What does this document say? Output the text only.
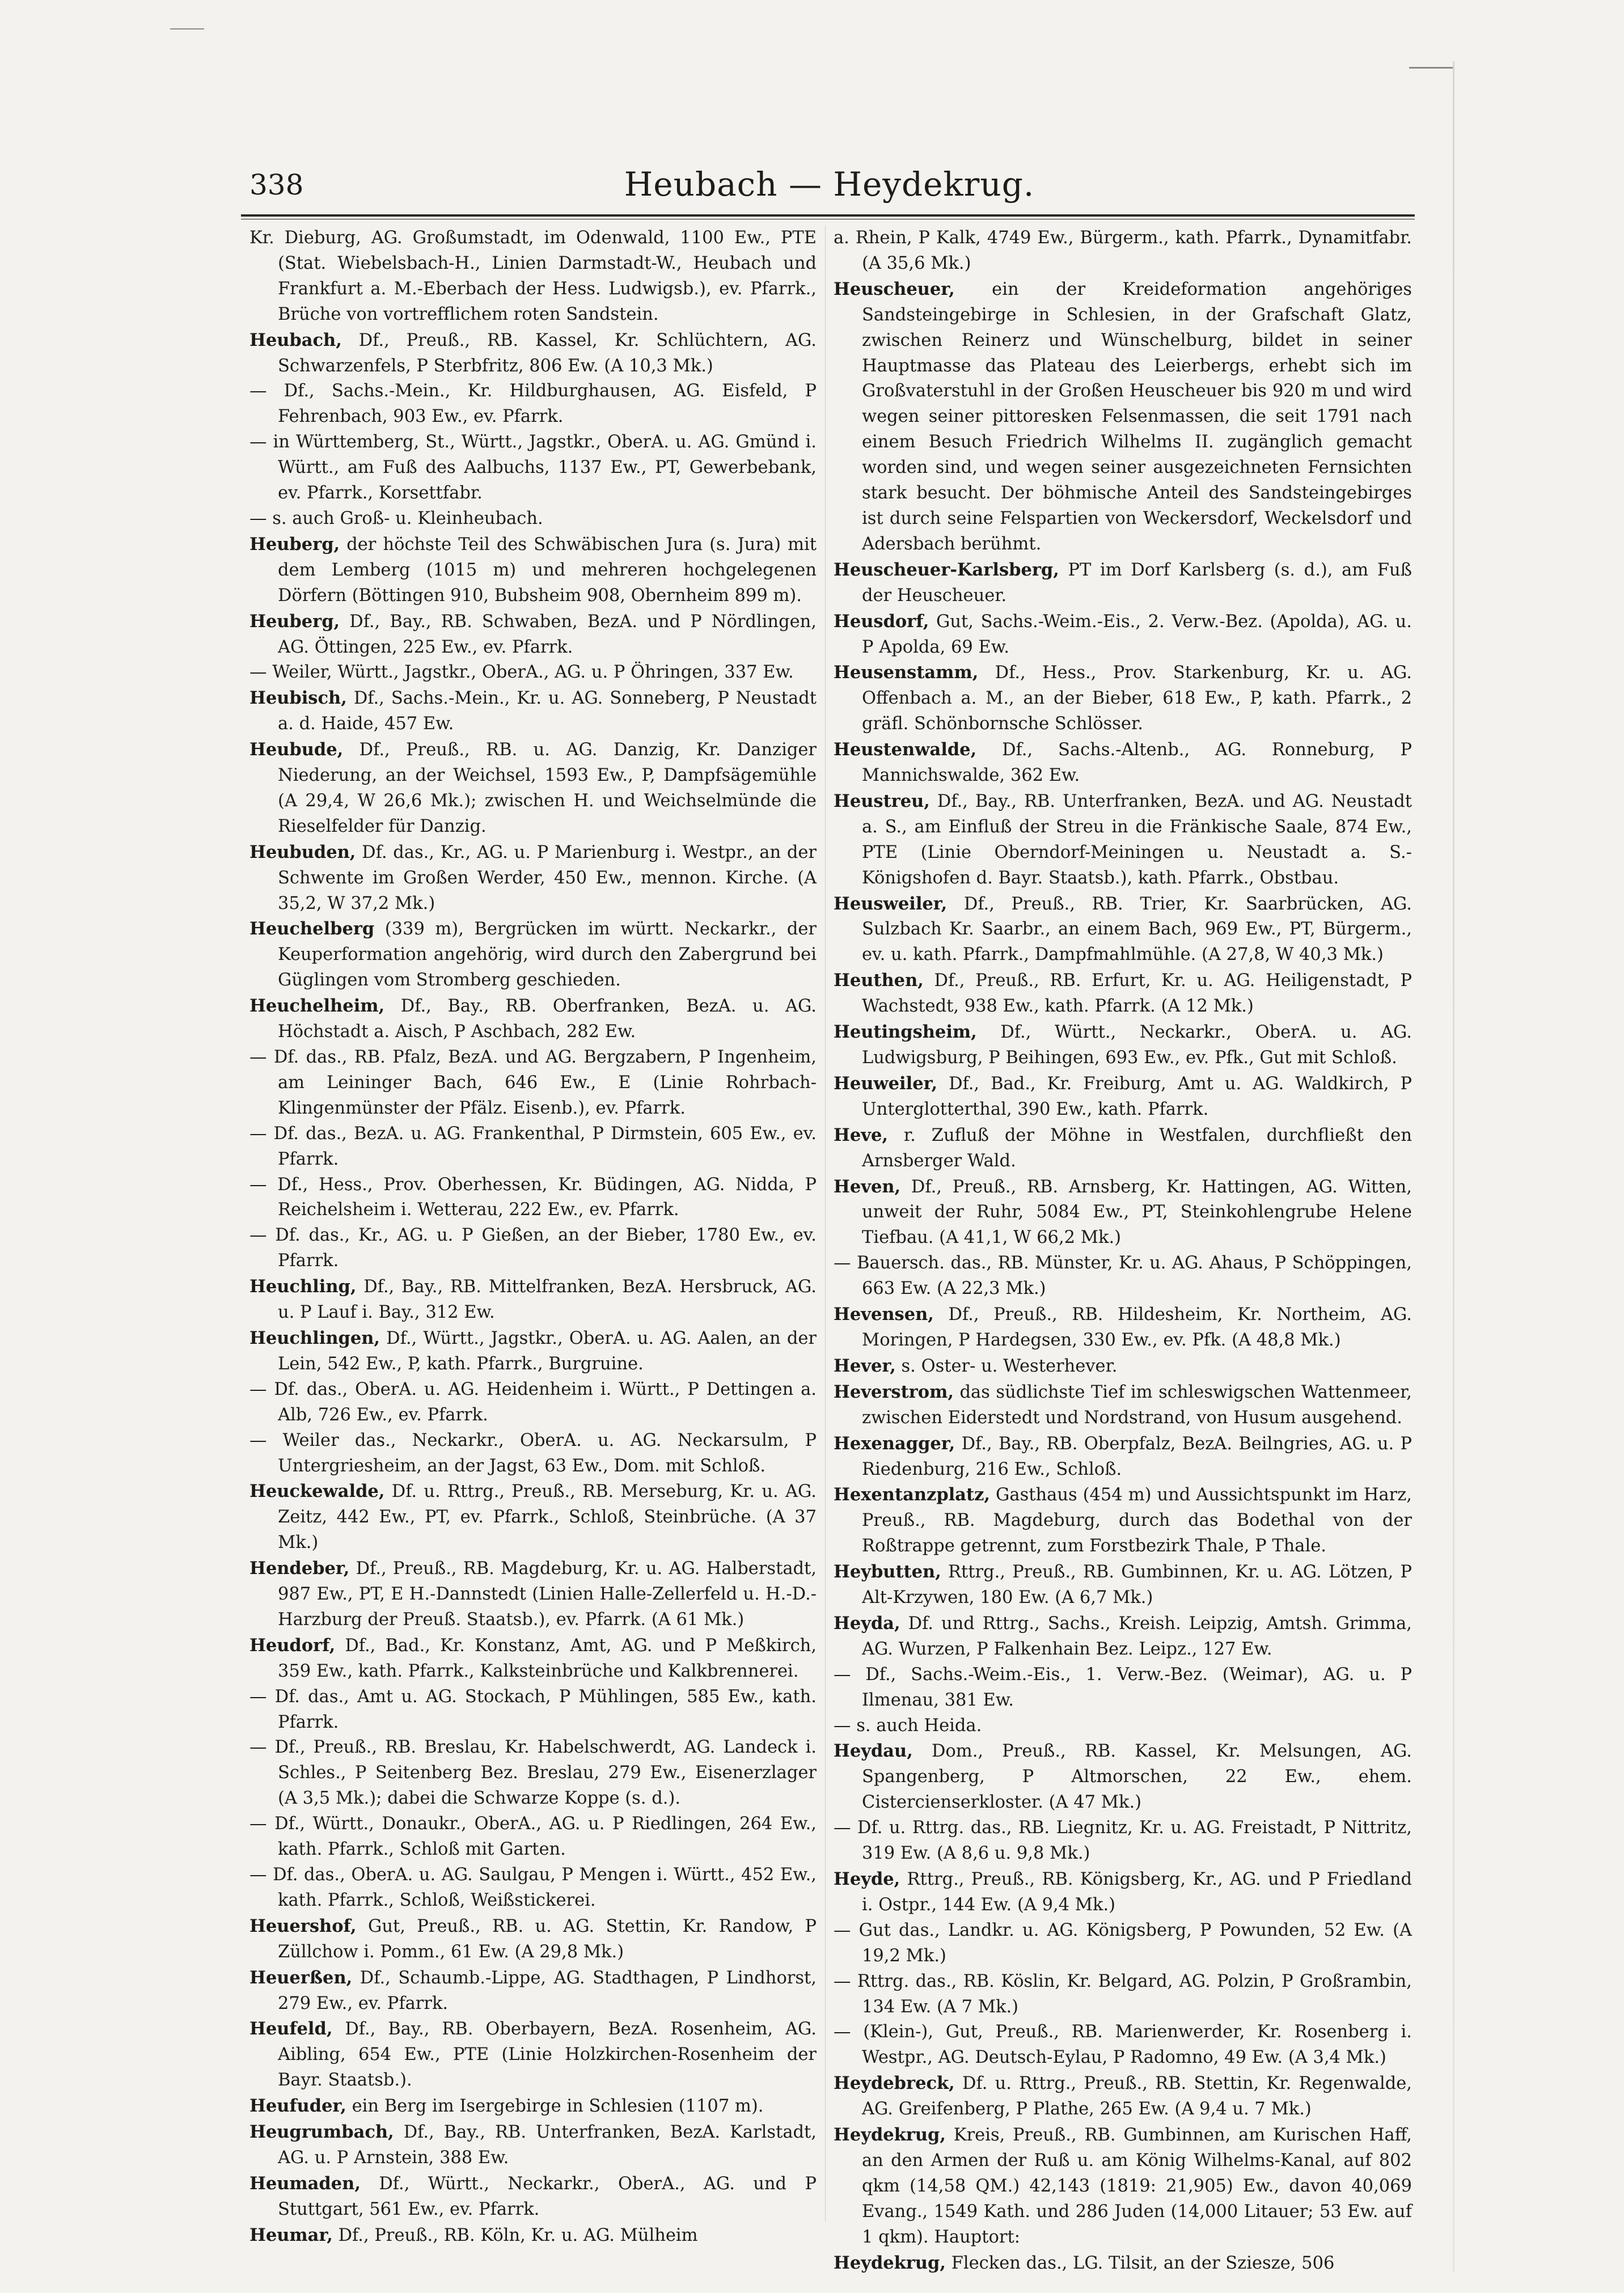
338	Heubach — Heydekrug.

Kr. Dieburg, AG. Großumstadt, im Odenwald, 1100 Ew., PTE (Stat. Wiebelsbach-H., Linien Darmstadt-W., Heubach und Frankfurt a. M.-Eberbach der Hess. Ludwigsb.), ev. Pfarrk., Brüche von vortrefflichem roten Sandstein.

Heubach, Df., Preuß., RB. Kassel, Kr. Schlüchtern, AG. Schwarzenfels, P Sterbfritz, 806 Ew. (A 10,3 Mk.)

— Df., Sachs.-Mein., Kr. Hildburghausen, AG. Eisfeld, P Fehrenbach, 903 Ew., ev. Pfarrk.

— in Württemberg, St., Württ., Jagstkr., OberA. u. AG. Gmünd i. Württ., am Fuß des Aalbuchs, 1137 Ew., PT, Gewerbebank, ev. Pfarrk., Korsettfabr.

— s. auch Groß- u. Kleinheubach.

Heuberg, der höchste Teil des Schwäbischen Jura (s. Jura) mit dem Lemberg (1015 m) und mehreren hochgelegenen Dörfern (Böttingen 910, Bubsheim 908, Obernheim 899 m).

Heuberg, Df., Bay., RB. Schwaben, BezA. und P Nördlingen, AG. Öttingen, 225 Ew., ev. Pfarrk.

— Weiler, Württ., Jagstkr., OberA., AG. u. P Öhringen, 337 Ew.

Heubisch, Df., Sachs.-Mein., Kr. u. AG. Sonneberg, P Neustadt a. d. Haide, 457 Ew.

Heubude, Df., Preuß., RB. u. AG. Danzig, Kr. Danziger Niederung, an der Weichsel, 1593 Ew., P, Dampfsägemühle (A 29,4, W 26,6 Mk.); zwischen H. und Weichselmünde die Rieselfelder für Danzig.

Heubuden, Df. das., Kr., AG. u. P Marienburg i. Westpr., an der Schwente im Großen Werder, 450 Ew., mennon. Kirche. (A 35,2, W 37,2 Mk.)

Heuchelberg (339 m), Bergrücken im württ. Neckarkr., der Keuperformation angehörig, wird durch den Zabergrund bei Güglingen vom Stromberg geschieden.

Heuchelheim, Df., Bay., RB. Oberfranken, BezA. u. AG. Höchstadt a. Aisch, P Aschbach, 282 Ew.

— Df. das., RB. Pfalz, BezA. und AG. Bergzabern, P Ingenheim, am Leininger Bach, 646 Ew., E (Linie Rohrbach-Klingenmünster der Pfälz. Eisenb.), ev. Pfarrk.

— Df. das., BezA. u. AG. Frankenthal, P Dirmstein, 605 Ew., ev. Pfarrk.

— Df., Hess., Prov. Oberhessen, Kr. Büdingen, AG. Nidda, P Reichelsheim i. Wetterau, 222 Ew., ev. Pfarrk.

— Df. das., Kr., AG. u. P Gießen, an der Bieber, 1780 Ew., ev. Pfarrk.

Heuchling, Df., Bay., RB. Mittelfranken, BezA. Hersbruck, AG. u. P Lauf i. Bay., 312 Ew.

Heuchlingen, Df., Württ., Jagstkr., OberA. u. AG. Aalen, an der Lein, 542 Ew., P, kath. Pfarrk., Burgruine.

— Df. das., OberA. u. AG. Heidenheim i. Württ., P Dettingen a. Alb, 726 Ew., ev. Pfarrk.

— Weiler das., Neckarkr., OberA. u. AG. Neckarsulm, P Untergriesheim, an der Jagst, 63 Ew., Dom. mit Schloß.

Heuckewalde, Df. u. Rttrg., Preuß., RB. Merseburg, Kr. u. AG. Zeitz, 442 Ew., PT, ev. Pfarrk., Schloß, Steinbrüche. (A 37 Mk.)

Hendeber, Df., Preuß., RB. Magdeburg, Kr. u. AG. Halberstadt, 987 Ew., PT, E H.-Dannstedt (Linien Halle-Zellerfeld u. H.-D.-Harzburg der Preuß. Staatsb.), ev. Pfarrk. (A 61 Mk.)

Heudorf, Df., Bad., Kr. Konstanz, Amt, AG. und P Meßkirch, 359 Ew., kath. Pfarrk., Kalksteinbrüche und Kalkbrennerei.

— Df. das., Amt u. AG. Stockach, P Mühlingen, 585 Ew., kath. Pfarrk.

— Df., Preuß., RB. Breslau, Kr. Habelschwerdt, AG. Landeck i. Schles., P Seitenberg Bez. Breslau, 279 Ew., Eisenerzlager (A 3,5 Mk.); dabei die Schwarze Koppe (s. d.).

— Df., Württ., Donaukr., OberA., AG. u. P Riedlingen, 264 Ew., kath. Pfarrk., Schloß mit Garten.

— Df. das., OberA. u. AG. Saulgau, P Mengen i. Württ., 452 Ew., kath. Pfarrk., Schloß, Weißstickerei.

Heuershof, Gut, Preuß., RB. u. AG. Stettin, Kr. Randow, P Züllchow i. Pomm., 61 Ew. (A 29,8 Mk.)

Heuerßen, Df., Schaumb.-Lippe, AG. Stadthagen, P Lindhorst, 279 Ew., ev. Pfarrk.

Heufeld, Df., Bay., RB. Oberbayern, BezA. Rosenheim, AG. Aibling, 654 Ew., PTE (Linie Holzkirchen-Rosenheim der Bayr. Staatsb.).

Heufuder, ein Berg im Isergebirge in Schlesien (1107 m).

Heugrumbach, Df., Bay., RB. Unterfranken, BezA. Karlstadt, AG. u. P Arnstein, 388 Ew.

Heumaden, Df., Württ., Neckarkr., OberA., AG. und P Stuttgart, 561 Ew., ev. Pfarrk.

Heumar, Df., Preuß., RB. Köln, Kr. u. AG. Mülheim

a. Rhein, P Kalk, 4749 Ew., Bürgerm., kath. Pfarrk., Dynamitfabr. (A 35,6 Mk.)

Heuscheuer, ein der Kreideformation angehöriges Sandsteingebirge in Schlesien, in der Grafschaft Glatz, zwischen Reinerz und Wünschelburg, bildet in seiner Hauptmasse das Plateau des Leierbergs, erhebt sich im Großvaterstuhl in der Großen Heuscheuer bis 920 m und wird wegen seiner pittoresken Felsenmassen, die seit 1791 nach einem Besuch Friedrich Wilhelms II. zugänglich gemacht worden sind, und wegen seiner ausgezeichneten Fernsichten stark besucht. Der böhmische Anteil des Sandsteingebirges ist durch seine Felspartien von Weckersdorf, Weckelsdorf und Adersbach berühmt.

Heuscheuer-Karlsberg, PT im Dorf Karlsberg (s. d.), am Fuß der Heuscheuer.

Heusdorf, Gut, Sachs.-Weim.-Eis., 2. Verw.-Bez. (Apolda), AG. u. P Apolda, 69 Ew.

Heusenstamm, Df., Hess., Prov. Starkenburg, Kr. u. AG. Offenbach a. M., an der Bieber, 618 Ew., P, kath. Pfarrk., 2 gräfl. Schönbornsche Schlösser.

Heustenwalde, Df., Sachs.-Altenb., AG. Ronneburg, P Mannichswalde, 362 Ew.

Heustreu, Df., Bay., RB. Unterfranken, BezA. und AG. Neustadt a. S., am Einfluß der Streu in die Fränkische Saale, 874 Ew., PTE (Linie Oberndorf-Meiningen u. Neustadt a. S.-Königshofen d. Bayr. Staatsb.), kath. Pfarrk., Obstbau.

Heusweiler, Df., Preuß., RB. Trier, Kr. Saarbrücken, AG. Sulzbach Kr. Saarbr., an einem Bach, 969 Ew., PT, Bürgerm., ev. u. kath. Pfarrk., Dampfmahlmühle. (A 27,8, W 40,3 Mk.)

Heuthen, Df., Preuß., RB. Erfurt, Kr. u. AG. Heiligenstadt, P Wachstedt, 938 Ew., kath. Pfarrk. (A 12 Mk.)

Heutingsheim, Df., Württ., Neckarkr., OberA. u. AG. Ludwigsburg, P Beihingen, 693 Ew., ev. Pfk., Gut mit Schloß.

Heuweiler, Df., Bad., Kr. Freiburg, Amt u. AG. Waldkirch, P Unterglotterthal, 390 Ew., kath. Pfarrk.

Heve, r. Zufluß der Möhne in Westfalen, durchfließt den Arnsberger Wald.

Heven, Df., Preuß., RB. Arnsberg, Kr. Hattingen, AG. Witten, unweit der Ruhr, 5084 Ew., PT, Steinkohlengrube Helene Tiefbau. (A 41,1, W 66,2 Mk.)

— Bauersch. das., RB. Münster, Kr. u. AG. Ahaus, P Schöppingen, 663 Ew. (A 22,3 Mk.)

Hevensen, Df., Preuß., RB. Hildesheim, Kr. Northeim, AG. Moringen, P Hardegsen, 330 Ew., ev. Pfk. (A 48,8 Mk.)

Hever, s. Oster- u. Westerhever.

Heverstrom, das südlichste Tief im schleswigschen Wattenmeer, zwischen Eiderstedt und Nordstrand, von Husum ausgehend.

Hexenagger, Df., Bay., RB. Oberpfalz, BezA. Beilngries, AG. u. P Riedenburg, 216 Ew., Schloß.

Hexentanzplatz, Gasthaus (454 m) und Aussichtspunkt im Harz, Preuß., RB. Magdeburg, durch das Bodethal von der Roßtrappe getrennt, zum Forstbezirk Thale, P Thale.

Heybutten, Rttrg., Preuß., RB. Gumbinnen, Kr. u. AG. Lötzen, P Alt-Krzywen, 180 Ew. (A 6,7 Mk.)

Heyda, Df. und Rttrg., Sachs., Kreish. Leipzig, Amtsh. Grimma, AG. Wurzen, P Falkenhain Bez. Leipz., 127 Ew.

— Df., Sachs.-Weim.-Eis., 1. Verw.-Bez. (Weimar), AG. u. P Ilmenau, 381 Ew.

— s. auch Heida.

Heydau, Dom., Preuß., RB. Kassel, Kr. Melsungen, AG. Spangenberg, P Altmorschen, 22 Ew., ehem. Cistercienserkloster. (A 47 Mk.)

— Df. u. Rttrg. das., RB. Liegnitz, Kr. u. AG. Freistadt, P Nittritz, 319 Ew. (A 8,6 u. 9,8 Mk.)

Heyde, Rttrg., Preuß., RB. Königsberg, Kr., AG. und P Friedland i. Ostpr., 144 Ew. (A 9,4 Mk.)

— Gut das., Landkr. u. AG. Königsberg, P Powunden, 52 Ew. (A 19,2 Mk.)

— Rttrg. das., RB. Köslin, Kr. Belgard, AG. Polzin, P Großrambin, 134 Ew. (A 7 Mk.)

— (Klein-), Gut, Preuß., RB. Marienwerder, Kr. Rosenberg i. Westpr., AG. Deutsch-Eylau, P Radomno, 49 Ew. (A 3,4 Mk.)

Heydebreck, Df. u. Rttrg., Preuß., RB. Stettin, Kr. Regenwalde, AG. Greifenberg, P Plathe, 265 Ew. (A 9,4 u. 7 Mk.)

Heydekrug, Kreis, Preuß., RB. Gumbinnen, am Kurischen Haff, an den Armen der Ruß u. am König Wilhelms-Kanal, auf 802 qkm (14,58 QM.) 42,143 (1819: 21,905) Ew., davon 40,069 Evang., 1549 Kath. und 286 Juden (14,000 Litauer; 53 Ew. auf 1 qkm). Hauptort:

Heydekrug, Flecken das., LG. Tilsit, an der Sziesze, 506
